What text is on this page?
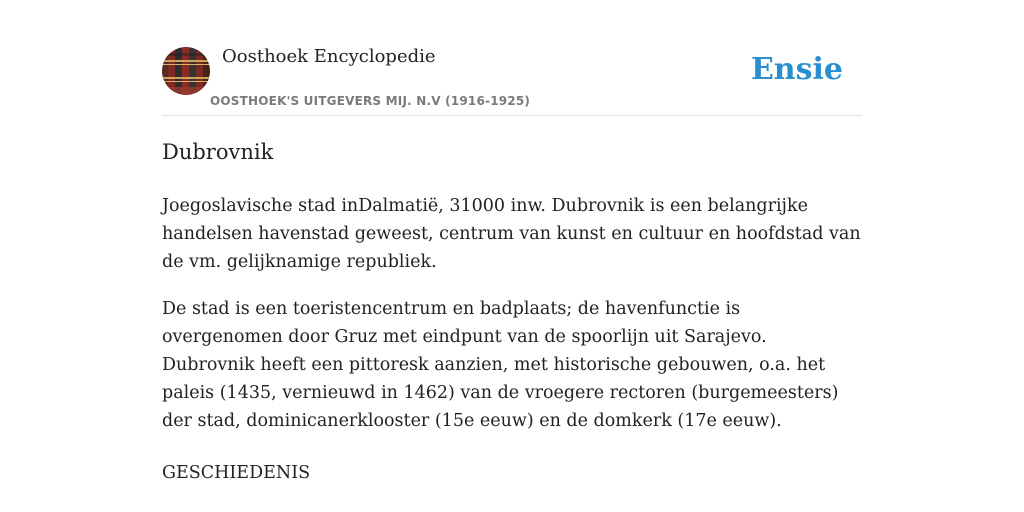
Oosthoek Encyclopedie
OOSTHOEK'S UITGEVERS MIJ. N.V (1916-1925)
Ensie
Dubrovnik

Joegoslavische stad inDalmatië, 31000 inw. Dubrovnik is een belangrijke handelsen havenstad geweest, centrum van kunst en cultuur en hoofdstad van de vm. gelijknamige republiek.

De stad is een toeristencentrum en badplaats; de havenfunctie is overgenomen door Gruz met eindpunt van de spoorlijn uit Sarajevo. Dubrovnik heeft een pittoresk aanzien, met historische gebouwen, o.a. het paleis (1435, vernieuwd in 1462) van de vroegere rectoren (burgemeesters) der stad, dominicanerklooster (15e eeuw) en de domkerk (17e eeuw).

GESCHIEDENIS
